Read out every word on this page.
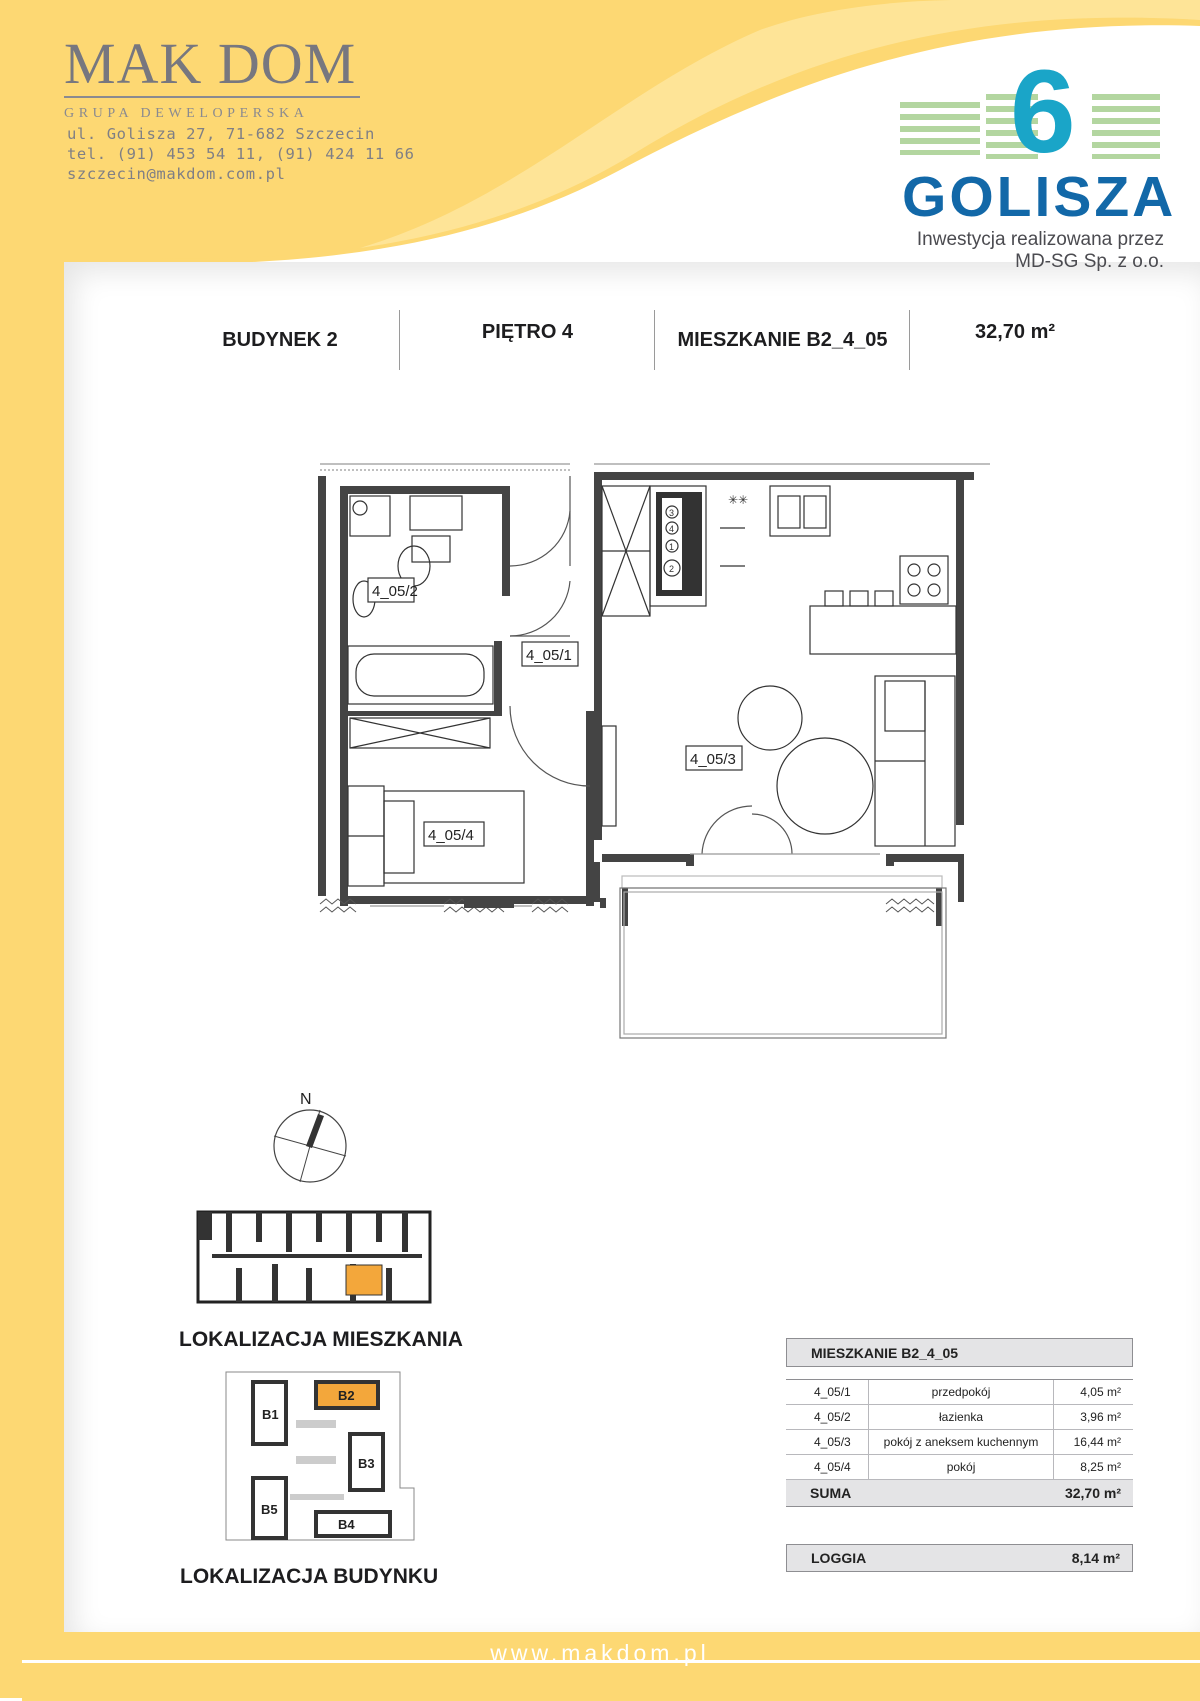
MAK DOM
GRUPA DEWELOPERSKA
ul. Golisza 27, 71-682 Szczecin
tel. (91) 453 54 11, (91) 424 11 66
szczecin@makdom.com.pl	6
GOLISZA
Inwestycja realizowana przez
MD-SG Sp. z o.o.
BUDYNEK 2	PIĘTRO 4	MIESZKANIE B2_4_05	32,70 m²
3
4
1
2
✳✳
4_05/2
4_05/1
4_05/3
4_05/4
N
LOKALIZACJA MIESZKANIA
B1
B2
B3
B5
B4
LOKALIZACJA BUDYNKU
MIESZKANIE B2_4_05
4_05/1	przedpokój	4,05 m²
4_05/2	łazienka	3,96 m²
4_05/3	pokój z aneksem kuchennym	16,44 m²
4_05/4	pokój	8,25 m²
SUMA	32,70 m²
LOGGIA	8,14 m²
www.makdom.pl
